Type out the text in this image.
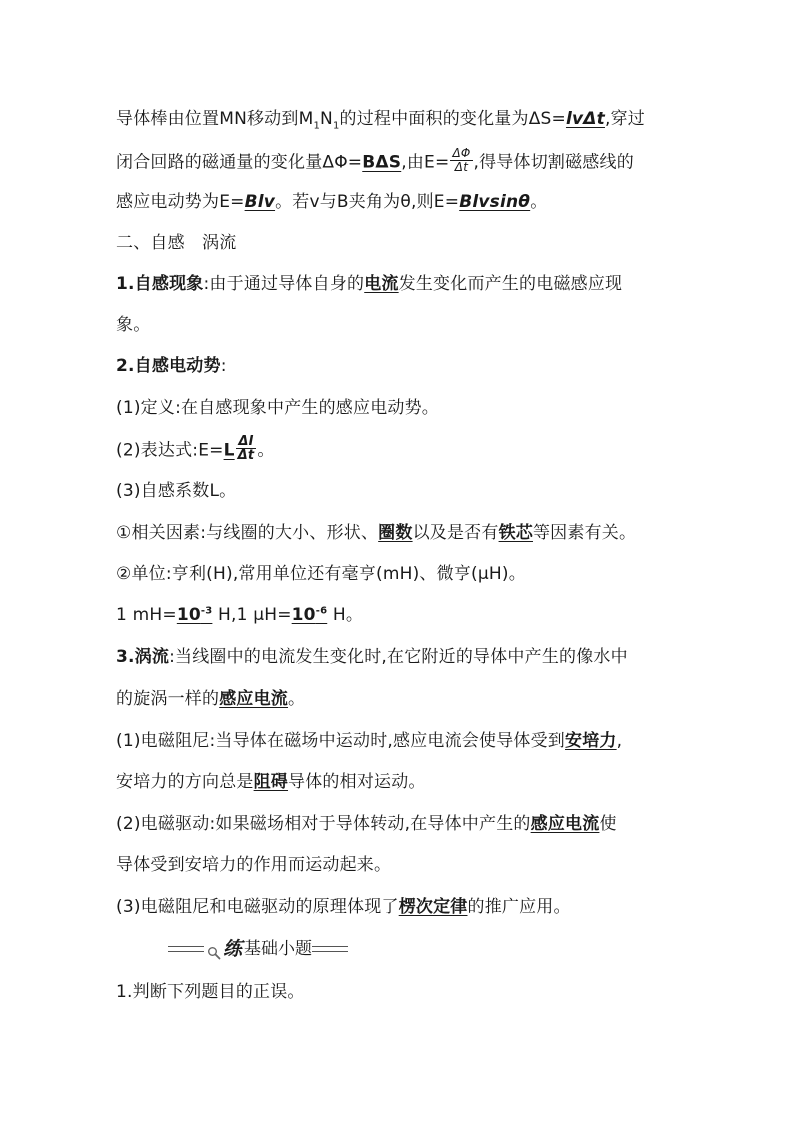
导体棒由位置MN移动到$M_1N_1$的过程中面积的变化量为ΔS=lvΔt,穿过
闭合回路的磁通量的变化量ΔΦ=BΔS,由$E= \frac{\Delta\Phi}{\Delta t}$ ,得导体切割磁感线的
感应电动势为E=Blv。若v与B夹角为θ,则E=Blvsinθ。
二、自感　涡流
1.自感现象:由于通过导体自身的电流发生变化而产生的电磁感应现
象。
2.自感电动势:
(1)定义:在自感现象中产生的感应电动势。
(2)表达式:E=L $\frac{\Delta I}{\Delta t}$ 。
(3)自感系数L。
①相关因素:与线圈的大小、形状、圈数以及是否有铁芯等因素有关。
②单位:亨利(H),常用单位还有毫亨(mH)、微亨(μH)。
1 $mH=10^{-3}$ H,1 $\mu H=10^{-6}$ H。
3.涡流:当线圈中的电流发生变化时,在它附近的导体中产生的像水中
的旋涡一样的感应电流。
(1)电磁阻尼:当导体在磁场中运动时,感应电流会使导体受到安培力,
安培力的方向总是阻碍导体的相对运动。
(2)电磁驱动:如果磁场相对于导体转动,在导体中产生的感应电流使
导体受到安培力的作用而运动起来。
(3)电磁阻尼和电磁驱动的原理体现了楞次定律的推广应用。
练 基础小题
1.判断下列题目的正误。
